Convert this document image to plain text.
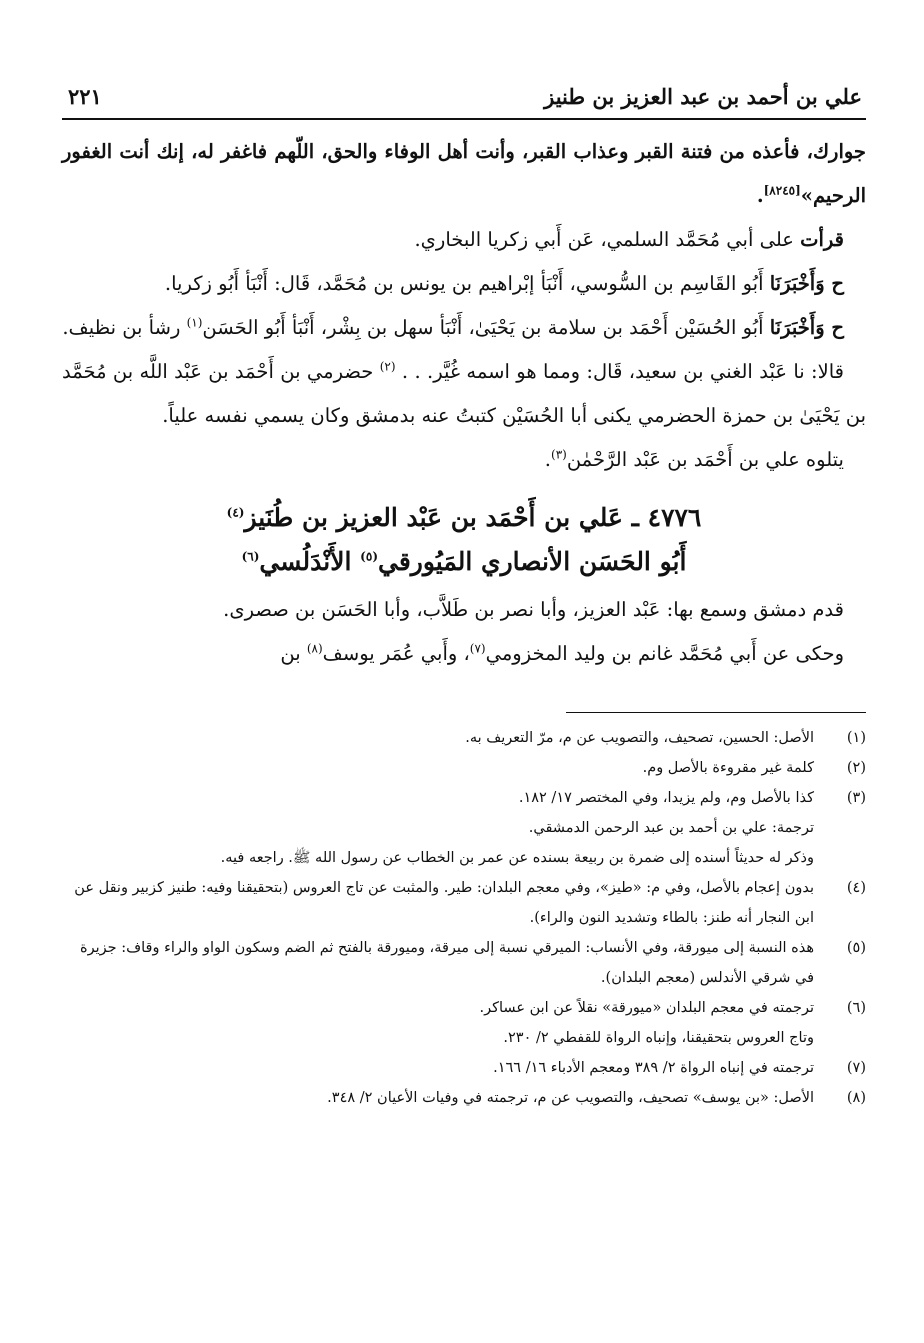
علي بن أحمد بن عبد العزيز بن طنيز
٢٢١

جوارك، فأعذه من فتنة القبر وعذاب القبر، وأنت أهل الوفاء والحق، اللّهم فاغفر له، إنك أنت الغفور الرحيم»[٨٢٤٥].

قرأت على أبي مُحَمَّد السلمي، عَن أَبي زكريا البخاري.

ح وَأَخْبَرَنَا أَبُو القَاسِم بن السُّوسي، أَنْبَأ إبْراهيم بن يونس بن مُحَمَّد، قَال: أَنْبَأ أَبُو زكريا.

ح وَأَخْبَرَنَا أَبُو الحُسَيْن أَحْمَد بن سلامة بن يَحْيَىٰ، أَنْبَأ سهل بن بِشْر، أَنْبَأ أَبُو الحَسَن$^{(١)}$ رشأ بن نظيف.

قالا: نا عَبْد الغني بن سعيد، قَال: ومما هو اسمه غُيَّر. . . $^{(٢)}$ حضرمي بن أَحْمَد بن عَبْد اللَّه بن مُحَمَّد بن يَحْيَىٰ بن حمزة الحضرمي يكنى أبا الحُسَيْن كتبتُ عنه بدمشق وكان يسمي نفسه علياً.

يتلوه علي بن أَحْمَد بن عَبْد الرَّحْمٰن$^{(٣)}$.

٤٧٧٦ ـ عَلي بن أَحْمَد بن عَبْد العزيز بن طُنَيز$^{(٤)}$
أَبُو الحَسَن الأنصاري المَيُورقي$^{(٥)}$ الأَنْدَلُسي$^{(٦)}$

قدم دمشق وسمع بها: عَبْد العزيز، وأبا نصر بن طَلاَّب، وأبا الحَسَن بن صصرى.

وحكى عن أَبي مُحَمَّد غانم بن وليد المخزومي$^{(٧)}$، وأَبي عُمَر يوسف$^{(٨)}$ بن

(١)
الأصل: الحسين، تصحيف، والتصويب عن م، مرّ التعريف به.
(٢)
كلمة غير مقروءة بالأصل وم.
(٣)
كذا بالأصل وم، ولم يزيدا، وفي المختصر ١٧/ ١٨٢.
ترجمة: علي بن أحمد بن عبد الرحمن الدمشقي.
وذكر له حديثاً أسنده إلى ضمرة بن ربيعة بسنده عن عمر بن الخطاب عن رسول الله ﷺ. راجعه فيه.
(٤)
بدون إعجام بالأصل، وفي م: «طيز»، وفي معجم البلدان: طير. والمثبت عن تاج العروس (بتحقيقنا وفيه: طنيز كزبير ونقل عن ابن النجار أنه طنز: بالطاء وتشديد النون والراء).
(٥)
هذه النسبة إلى ميورقة، وفي الأنساب: الميرقي نسبة إلى ميرقة، وميورقة بالفتح ثم الضم وسكون الواو والراء وقاف: جزيرة في شرقي الأندلس (معجم البلدان).
(٦)
ترجمته في معجم البلدان «ميورقة» نقلاً عن ابن عساكر.
وتاج العروس بتحقيقنا، وإنباه الرواة للقفطي ٢/ ٢٣٠.
(٧)
ترجمته في إنباه الرواة ٢/ ٣٨٩ ومعجم الأدباء ١٦/ ١٦٦.
(٨)
الأصل: «بن يوسف» تصحيف، والتصويب عن م، ترجمته في وفيات الأعيان ٢/ ٣٤٨.
